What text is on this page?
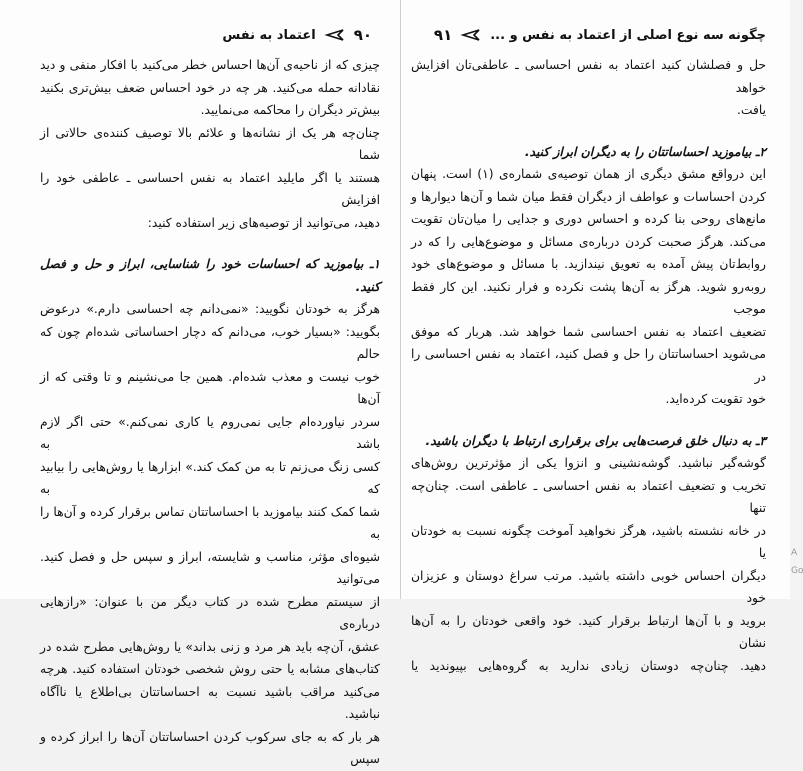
۹۰
اعتماد به نفس
چیزی که از ناحیه‌ی آن‌ها احساس خطر می‌کنید با افکار منفی و دید
نقادانه حمله می‌کنید. هر چه در خود احساس ضعف بیش‌تری بکنید
بیش‌تر دیگران را محاکمه می‌نمایید.
چنان‌چه هر یک از نشانه‌ها و علائم بالا توصیف کننده‌ی حالاتی از شما
هستند یا اگر مایلید اعتماد به نفس احساسی ـ عاطفی خود را افزایش
دهید، می‌توانید از توصیه‌های زیر استفاده کنید:
۱ـ بیاموزید که احساسات خود را شناسایی، ابراز و حل و فصل
کنید.
هرگز به خودتان نگویید: «نمی‌دانم چه احساسی دارم.» درعوض
بگویید: «بسیار خوب، می‌دانم که دچار احساساتی شده‌ام چون که حالم
خوب نیست و معذب شده‌ام. همین جا می‌نشینم و تا وقتی که از آن‌ها
سردر نیاورده‌ام جایی نمی‌روم یا کاری نمی‌کنم.» حتی اگر لازم باشد به
کسی زنگ می‌زنم تا به من کمک کند.» ابزارها یا روش‌هایی را بیابید که به
شما کمک کنند بیاموزید با احساساتتان تماس برقرار کرده و آن‌ها را به
شیوه‌ای مؤثر، مناسب و شایسته، ابراز و سپس حل و فصل کنید. می‌توانید
از سیستم مطرح شده در کتاب دیگر من با عنوان: «رازهایی درباره‌ی
عشق، آن‌چه باید هر مرد و زنی بداند» یا روش‌هایی مطرح شده در
کتاب‌های مشابه یا حتی روش شخصی خودتان استفاده کنید. هرچه
می‌کنید مراقب باشید نسبت به احساساتتان بی‌اطلاع یا ناآگاه نباشید.
هر بار که به جای سرکوب کردن احساساتتان آن‌ها را ابراز کرده و سپس
چگونه سه نوع اصلی از اعتماد به نفس و ...
۹۱
حل و فصلشان کنید اعتماد به نفس احساسی ـ عاطفی‌تان افزایش خواهد
یافت.
۲ـ بیاموزید احساساتتان را به دیگران ابراز کنید.
این درواقع مشق دیگری از همان توصیه‌ی شماره‌ی (۱) است. پنهان
کردن احساسات و عواطف از دیگران فقط میان شما و آن‌ها دیوارها و
مانع‌های روحی بنا کرده و احساس دوری و جدایی را میان‌تان تقویت
می‌کند. هرگز صحبت کردن درباره‌ی مسائل و موضوع‌هایی را که در
روابط‌تان پیش آمده به تعویق نیندازید. با مسائل و موضوع‌های خود
روبه‌رو شوید. هرگز به آن‌ها پشت نکرده و فرار نکنید. این کار فقط موجب
تضعیف اعتماد به نفس احساسی شما خواهد شد. هربار که موفق
می‌شوید احساساتتان را حل و فصل کنید، اعتماد به نفس احساسی را در
خود تقویت کرده‌اید.
۳ـ به دنبال خلق فرصت‌هایی برای برقراری ارتباط با دیگران باشید.
گوشه‌گیر نباشید. گوشه‌نشینی و انزوا یکی از مؤثرترین روش‌های
تخریب و تضعیف اعتماد به نفس احساسی ـ عاطفی است. چنان‌چه تنها
در خانه نشسته باشید، هرگز نخواهید آموخت چگونه نسبت به خودتان یا
دیگران احساس خوبی داشته باشید. مرتب سراغ دوستان و عزیزان خود
بروید و با آن‌ها ارتباط برقرار کنید. خود واقعی خودتان را به آن‌ها نشان
دهید. چنان‌چه دوستان زیادی ندارید به گروه‌هایی بپیوندید یا
A
Go
